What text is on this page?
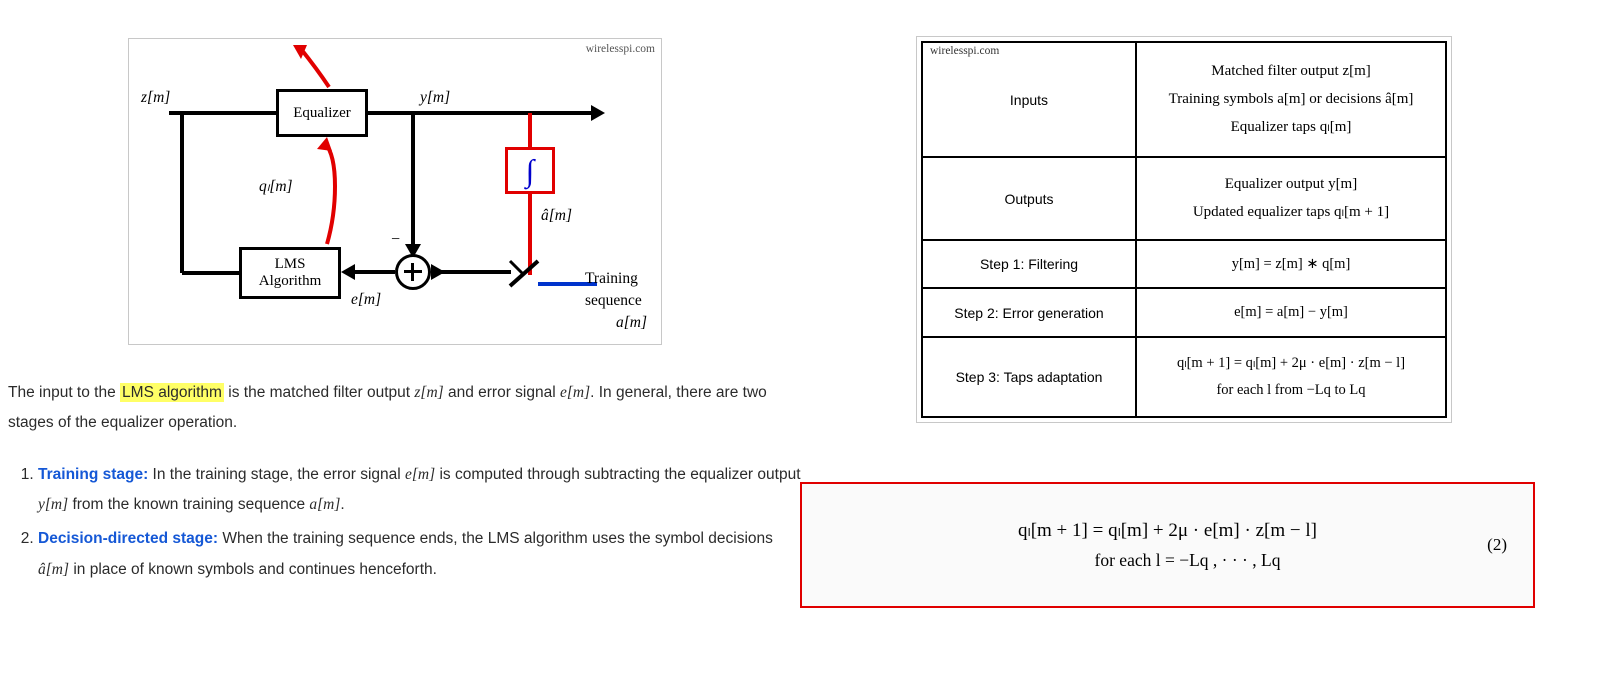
wirelesspi.com
Equalizer
LMS
Algorithm
∫
z[m]	y[m]
qₗ[m]
â[m]
e[m]
−
Training
sequence
a[m]
The input to the LMS algorithm is the matched filter output z[m] and error signal e[m]. In general, there are two stages of the equalizer operation.
1. Training stage: In the training stage, the error signal e[m] is computed through subtracting the equalizer output y[m] from the known training sequence a[m].
2. Decision-directed stage: When the training sequence ends, the LMS algorithm uses the symbol decisions â[m] in place of known symbols and continues henceforth.
wirelesspi.com
Inputs	Matched filter output z[m]
Training symbols a[m] or decisions â[m]
Equalizer taps qₗ[m]

Outputs	Equalizer output y[m]
Updated equalizer taps qₗ[m + 1]

Step 1: Filtering	y[m] = z[m] ∗ q[m]
Step 2: Error generation	e[m] = a[m] − y[m]
Step 3: Taps adaptation	qₗ[m + 1] = qₗ[m] + 2μ · e[m] · z[m − l]
for each l from −Lq to Lq
qₗ[m + 1] = qₗ[m] + 2μ · e[m] · z[m − l]
for each l = −Lq , · · · , Lq
(2)
